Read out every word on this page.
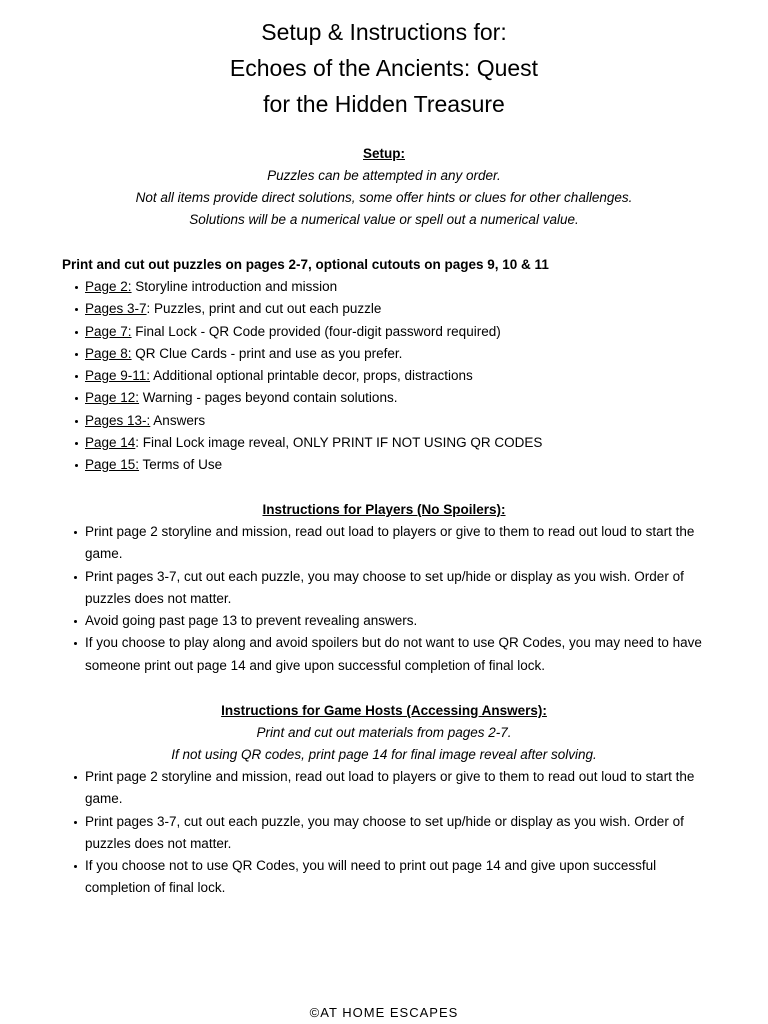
Setup & Instructions for:
Echoes of the Ancients: Quest
for the Hidden Treasure
Setup:
Puzzles can be attempted in any order.
Not all items provide direct solutions, some offer hints or clues for other challenges.
Solutions will be a numerical value or spell out a numerical value.
Print and cut out puzzles on pages 2-7, optional cutouts on pages 9, 10 & 11
Page 2: Storyline introduction and mission
Pages 3-7: Puzzles, print and cut out each puzzle
Page 7: Final Lock - QR Code provided (four-digit password required)
Page 8: QR Clue Cards - print and use as you prefer.
Page 9-11: Additional optional printable decor, props, distractions
Page 12: Warning - pages beyond contain solutions.
Pages 13-: Answers
Page 14: Final Lock image reveal, ONLY PRINT IF NOT USING QR CODES
Page 15: Terms of Use
Instructions for Players (No Spoilers):
Print page 2 storyline and mission, read out load to players or give to them to read out loud to start the game.
Print pages 3-7, cut out each puzzle, you may choose to set up/hide or display as you wish. Order of puzzles does not matter.
Avoid going past page 13 to prevent revealing answers.
If you choose to play along and avoid spoilers but do not want to use QR Codes, you may need to have someone print out page 14 and give upon successful completion of final lock.
Instructions for Game Hosts (Accessing Answers):
Print and cut out materials from pages 2-7.
If not using QR codes, print page 14 for final image reveal after solving.
Print page 2 storyline and mission, read out load to players or give to them to read out loud to start the game.
Print pages 3-7, cut out each puzzle, you may choose to set up/hide or display as you wish. Order of puzzles does not matter.
If you choose not to use QR Codes, you will need to print out page 14 and give upon successful completion of final lock.
©AT HOME ESCAPES
